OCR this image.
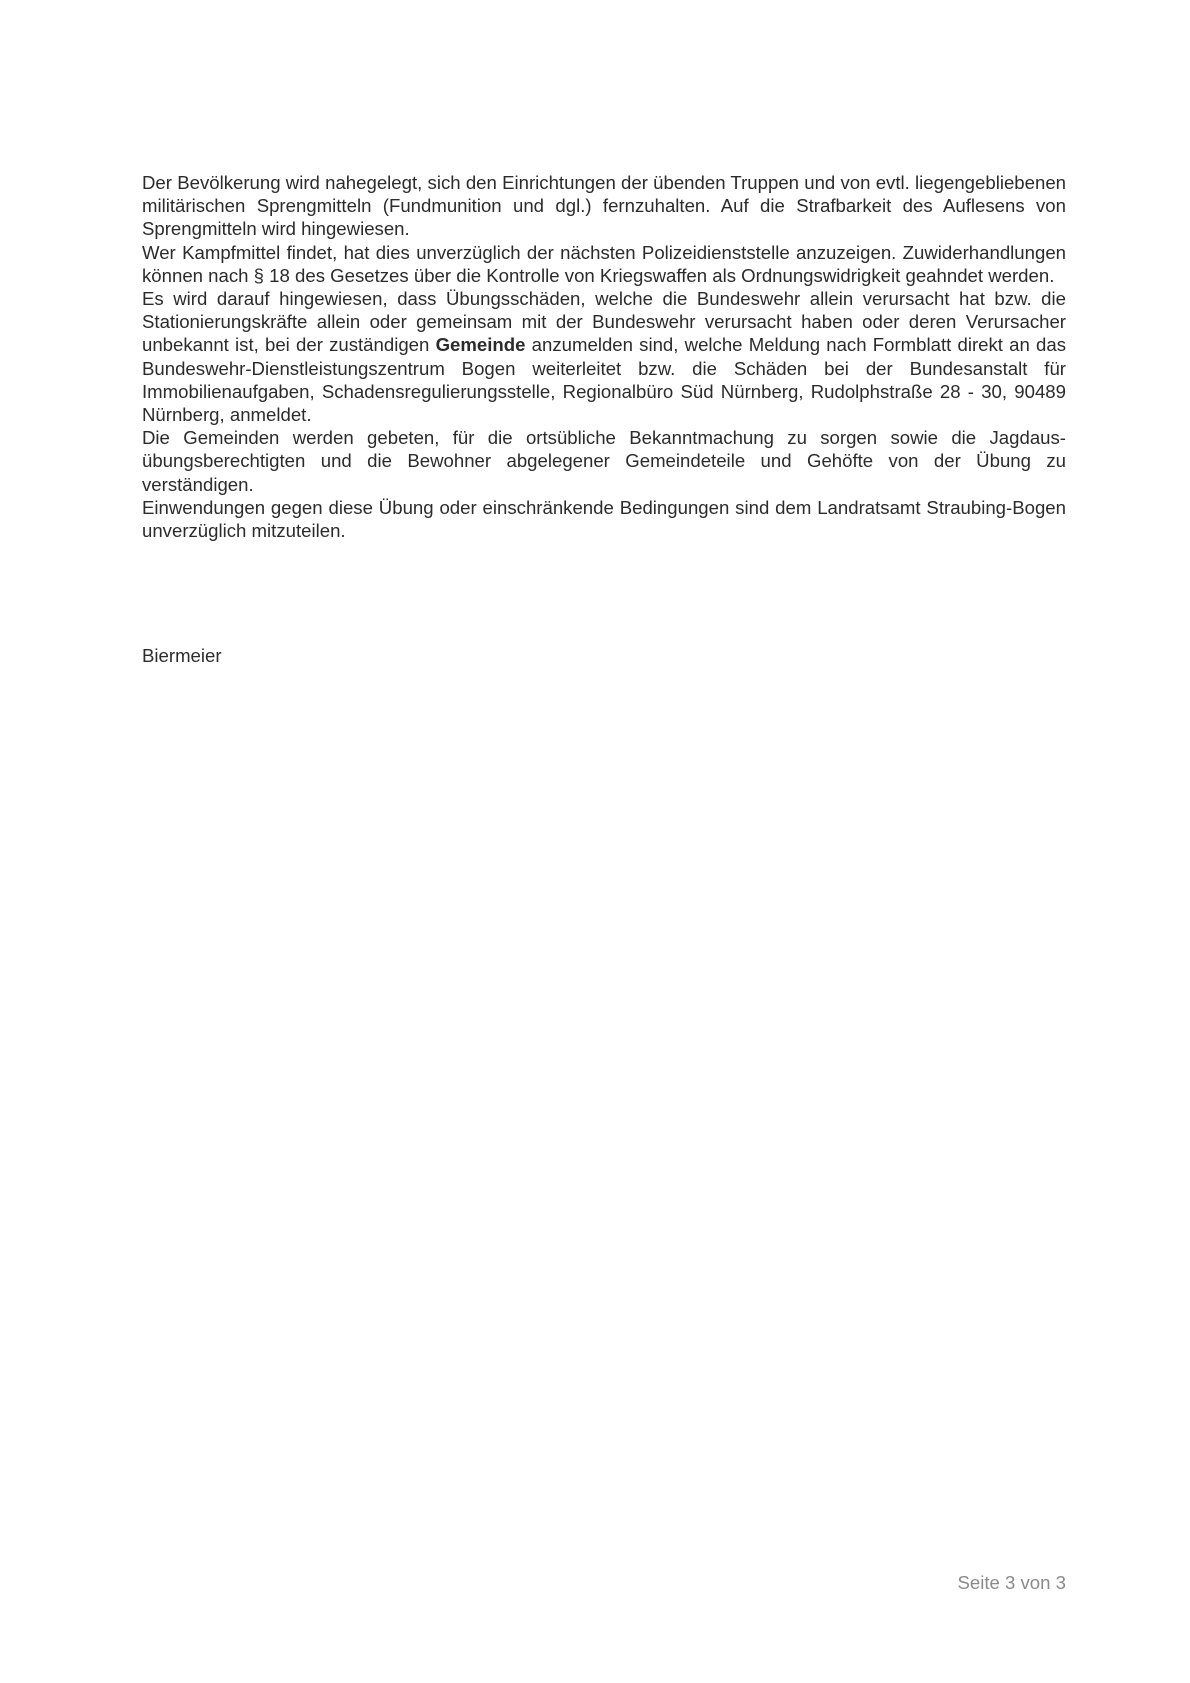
Der Bevölkerung wird nahegelegt, sich den Einrichtungen der übenden Truppen und von evtl. liegengebliebenen militärischen Sprengmitteln (Fundmunition und dgl.) fernzuhalten. Auf die Strafbarkeit des Auflesens von Sprengmitteln wird hingewiesen.

Wer Kampfmittel findet, hat dies unverzüglich der nächsten Polizeidienststelle anzuzeigen. Zuwiderhandlungen können nach § 18 des Gesetzes über die Kontrolle von Kriegswaffen als Ordnungswidrigkeit geahndet werden.

Es wird darauf hingewiesen, dass Übungsschäden, welche die Bundeswehr allein verursacht hat bzw. die Stationierungskräfte allein oder gemeinsam mit der Bundeswehr verursacht haben oder deren Verursacher unbekannt ist, bei der zuständigen Gemeinde anzumelden sind, welche Meldung nach Formblatt direkt an das Bundeswehr-Dienstleistungszentrum Bogen weiterleitet bzw. die Schäden bei der Bundesanstalt für Immobilienaufgaben, Schadensregulierungsstelle, Regionalbüro Süd Nürnberg, Rudolphstraße 28 - 30, 90489 Nürnberg, anmeldet.

Die Gemeinden werden gebeten, für die ortsübliche Bekanntmachung zu sorgen sowie die Jagdaus-übungsberechtigten und die Bewohner abgelegener Gemeindeteile und Gehöfte von der Übung zu verständigen.

Einwendungen gegen diese Übung oder einschränkende Bedingungen sind dem Landratsamt Straubing-Bogen unverzüglich mitzuteilen.

Biermeier

Seite 3 von 3
